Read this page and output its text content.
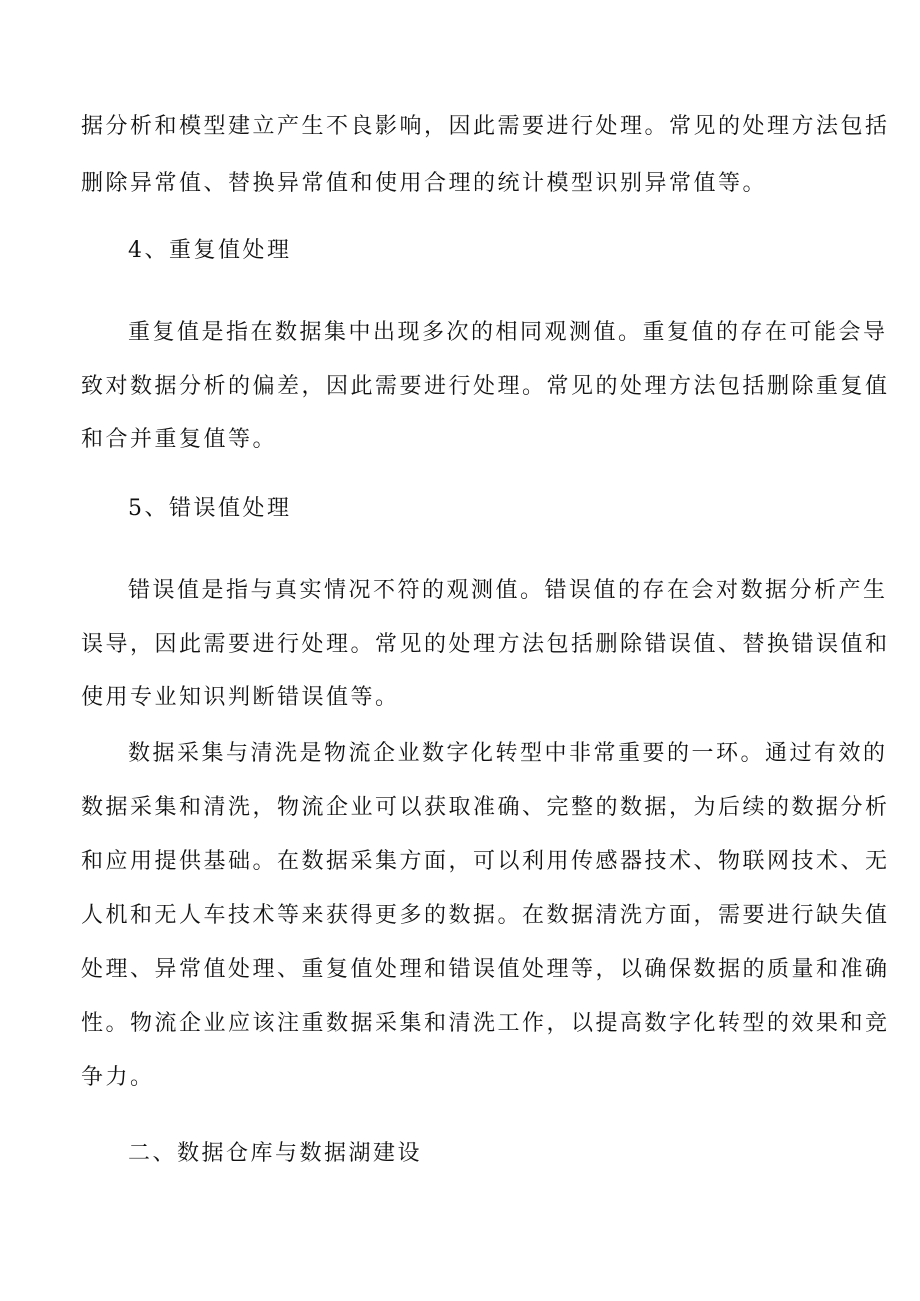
据分析和模型建立产生不良影响，因此需要进行处理。常见的处理方法包括
删除异常值、替换异常值和使用合理的统计模型识别异常值等。
4、重复值处理
重复值是指在数据集中出现多次的相同观测值。重复值的存在可能会导
致对数据分析的偏差，因此需要进行处理。常见的处理方法包括删除重复值
和合并重复值等。
5、错误值处理
错误值是指与真实情况不符的观测值。错误值的存在会对数据分析产生
误导，因此需要进行处理。常见的处理方法包括删除错误值、替换错误值和
使用专业知识判断错误值等。
数据采集与清洗是物流企业数字化转型中非常重要的一环。通过有效的
数据采集和清洗，物流企业可以获取准确、完整的数据，为后续的数据分析
和应用提供基础。在数据采集方面，可以利用传感器技术、物联网技术、无
人机和无人车技术等来获得更多的数据。在数据清洗方面，需要进行缺失值
处理、异常值处理、重复值处理和错误值处理等，以确保数据的质量和准确
性。物流企业应该注重数据采集和清洗工作，以提高数字化转型的效果和竞
争力。
二、数据仓库与数据湖建设
